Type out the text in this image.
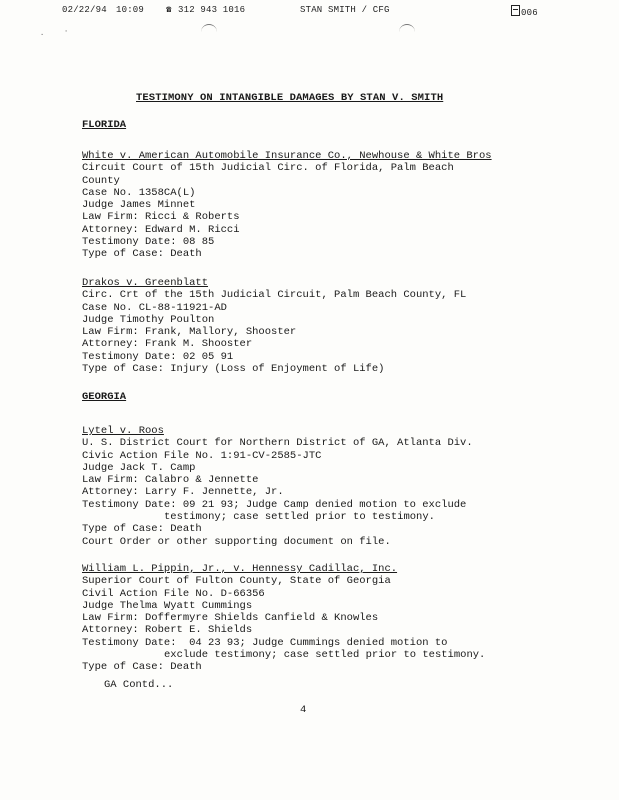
02/22/94 10:09 ☎ 312 943 1016	STAN SMITH / CFG	006
.	·
TESTIMONY ON INTANGIBLE DAMAGES BY STAN V. SMITH
FLORIDA
White v. American Automobile Insurance Co., Newhouse & White Bros
Circuit Court of 15th Judicial Circ. of Florida, Palm Beach
County
Case No. 1358CA(L)
Judge James Minnet
Law Firm: Ricci & Roberts
Attorney: Edward M. Ricci
Testimony Date: 08 85
Type of Case: Death
Drakos v. Greenblatt
Circ. Crt of the 15th Judicial Circuit, Palm Beach County, FL
Case No. CL-88-11921-AD
Judge Timothy Poulton
Law Firm: Frank, Mallory, Shooster
Attorney: Frank M. Shooster
Testimony Date: 02 05 91
Type of Case: Injury (Loss of Enjoyment of Life)
GEORGIA
Lytel v. Roos
U. S. District Court for Northern District of GA, Atlanta Div.
Civic Action File No. 1:91-CV-2585-JTC
Judge Jack T. Camp
Law Firm: Calabro & Jennette
Attorney: Larry F. Jennette, Jr.
Testimony Date: 09 21 93; Judge Camp denied motion to exclude
testimony; case settled prior to testimony.
Type of Case: Death
Court Order or other supporting document on file.
William L. Pippin, Jr., v. Hennessy Cadillac, Inc.
Superior Court of Fulton County, State of Georgia
Civil Action File No. D-66356
Judge Thelma Wyatt Cummings
Law Firm: Doffermyre Shields Canfield & Knowles
Attorney: Robert E. Shields
Testimony Date:  04 23 93; Judge Cummings denied motion to
exclude testimony; case settled prior to testimony.
Type of Case: Death
GA Contd...
4
